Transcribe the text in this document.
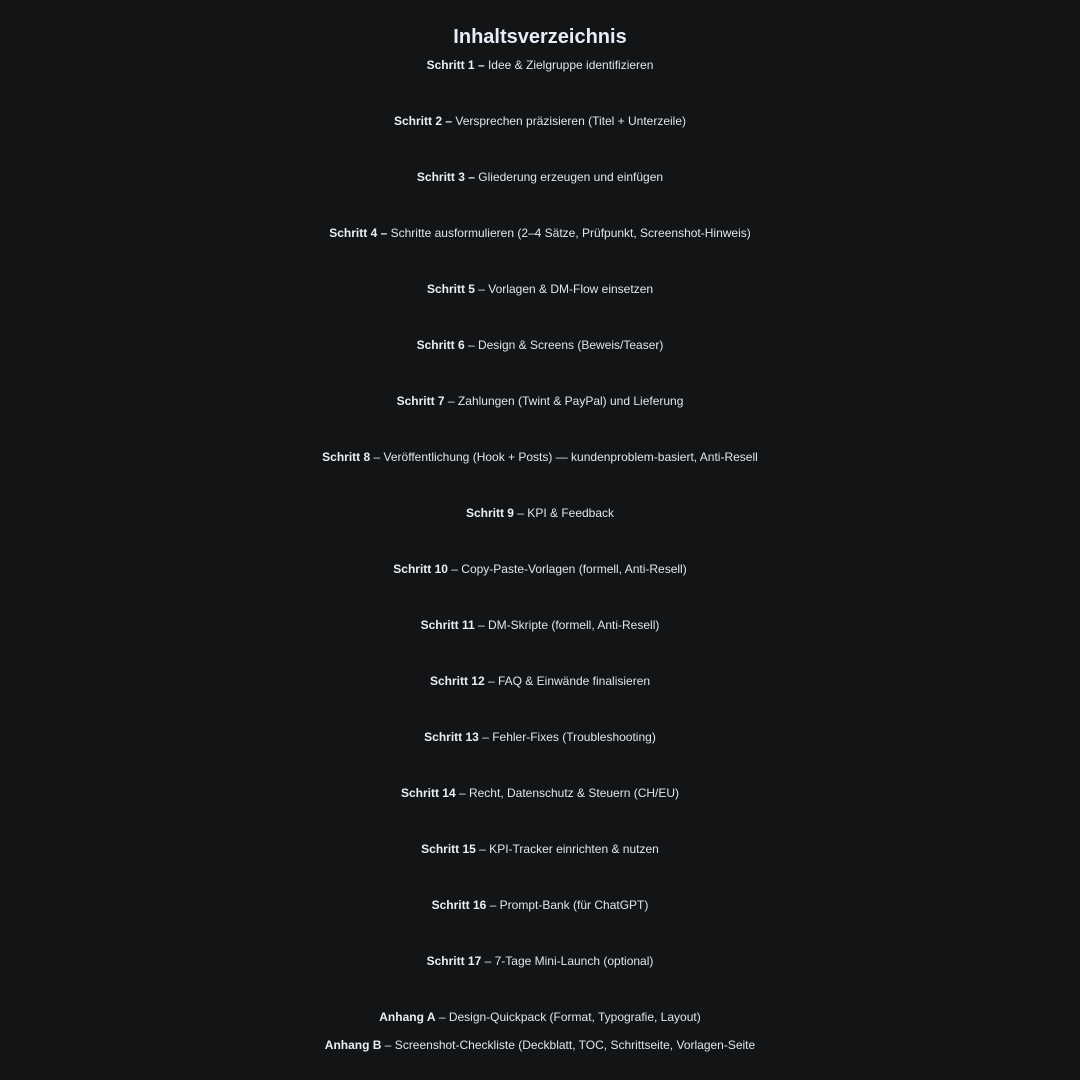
Inhaltsverzeichnis
Schritt 1 – Idee & Zielgruppe identifizieren
Schritt 2 – Versprechen präzisieren (Titel + Unterzeile)
Schritt 3 – Gliederung erzeugen und einfügen
Schritt 4 – Schritte ausformulieren (2–4 Sätze, Prüfpunkt, Screenshot-Hinweis)
Schritt 5 – Vorlagen & DM-Flow einsetzen
Schritt 6 – Design & Screens (Beweis/Teaser)
Schritt 7 – Zahlungen (Twint & PayPal) und Lieferung
Schritt 8 – Veröffentlichung (Hook + Posts) — kundenproblem-basiert, Anti-Resell
Schritt 9 – KPI & Feedback
Schritt 10 – Copy-Paste-Vorlagen (formell, Anti-Resell)
Schritt 11 – DM-Skripte (formell, Anti-Resell)
Schritt 12 – FAQ & Einwände finalisieren
Schritt 13 – Fehler-Fixes (Troubleshooting)
Schritt 14 – Recht, Datenschutz & Steuern (CH/EU)
Schritt 15 – KPI-Tracker einrichten & nutzen
Schritt 16 – Prompt-Bank (für ChatGPT)
Schritt 17 – 7-Tage Mini-Launch (optional)
Anhang A – Design-Quickpack (Format, Typografie, Layout)
Anhang B – Screenshot-Checkliste (Deckblatt, TOC, Schrittseite, Vorlagen-Seite
